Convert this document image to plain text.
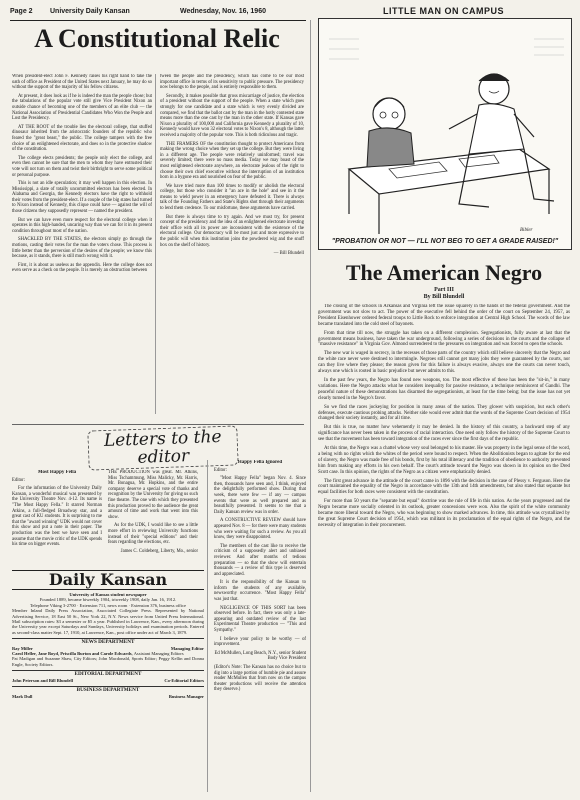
Page 2 University Daily Kansan	Wednesday, Nov. 16, 1960	LITTLE MAN ON CAMPUS
A Constitutional Relic

When president-elect John F. Kennedy raises his right hand to take the oath of office as President of the United States next January, he may do so without the support of the majority of his fellow citizens.

At present, it does look as if he is indeed the man the people chose; but the tabulations of the popular vote still give Vice President Nixon an outside chance of becoming one of the members of an elite club — the National Association of Presidential Candidates Who Won the People and Lost the Presidency.

AT THE ROOT of the trouble lies the electoral college, that stuffed dinosaur inherited from the aristocratic founders of the republic who feared the "great beast," the public. The college tampers with the free choice of an enlightened electorate, and does so in the protective shadow of the constitution.

The college elects presidents; the people only elect the college, and even then cannot be sure that the men to whom they have entrusted their vote will not turn on them and twist their birthright to serve some political or personal purpose.

This is not an idle speculation; it may well happen in this election. In Mississippi, a slate of totally uncommitted electors has been elected. In Alabama and Georgia, the Kennedy electors have the right to withhold their votes from the president-elect. If a couple of the big states had turned to Nixon instead of Kennedy, this clique could have — against the will of those citizens they supposedly represent — named the president.

But we can have even more respect for the electoral college when it operates in this high-handed, uncaring way than we can for it in its present condition throughout most of the nation.

SHACKLED BY THE STATES, the electors simply go through the motions, casting their votes for the man the voters chose. This process is little better than the perversion of the desires of the people; we know this because, as it stands, there is still much wrong with it.

First, it is about as useless as the appendix. Here the college does not even serve as a check on the people. It is merely an obstruction between

tween the people and the presidency, which has come to be our most important office in terms of its sensitivity to public pressure. The presidency now belongs to the people, and is entirely responsible to them.

Secondly, it makes possible that gross miscarriage of justice, the election of a president without the support of the people. When a state which goes strongly for one candidate and a state which is very evenly divided are compared, we find that the ballot cast by the man in the hotly contested state means more than the one cast by the man in the other state. If Kansas gave Nixon a plurality of 100,000 and California gave Kennedy a plurality of 10, Kennedy would have won 32 electoral votes to Nixon's 8, although the latter received a majority of the popular vote. This is both ridiculous and tragic.

THE FRAMERS OF the constitution thought to protect Americans from making the wrong choice when they set up the college. But they were living in a different age. The people were relatively uninformed; travel was severely limited; there were no mass media. Today we may boast of the most enlightened electorate anywhere, an electorate jealous of the right to choose their own chief executive without the interruption of an institution born in a bygone era and nourished on fear of the public.

We have tried more than 100 times to modify or abolish the electoral college, but those who consider it "an ace in the hole" and see in it the means to wield power in an emergency have defeated it. There is always talk of the Founding Fathers and State's Rights shot through their arguments to lend them credence. To our misfortune, these arguments have carried.

But there is always time to try again. And we must try, for present concept of the presidency and the idea of an enlightened electorate investing their office with all its power are inconsistent with the existence of the electoral college. Our democracy will be most just and more expressive to the public will when this institution joins the powdered wig and the snuff box on the shelf of history.

— Bill Blundell
Bibler
"PROBATION OR NOT — I'LL NOT BEG TO GET A GRADE RAISED!"
The American Negro
Part III
By Bill Blundell

The closing of the schools in Arkansas and Virginia left the issue squarely in the hands of the federal government. And the government was not slow to act. The power of the executive fell behind the order of the court on September 24, 1957, as President Eisenhower ordered federal troops to Little Rock to enforce integration at Central High School. The words of the law became translated into the cold steel of bayonets.

From that time till now, the struggle has taken on a different complexion. Segregationists, fully aware at last that the government means business, have taken the war underground, following a series of decisions in the courts and the collapse of "massive resistance" in Virginia Gov. Almond surrendered to the pressures on integration and was forced to open the schools.

The new war is waged in secrecy, in the recesses of those parts of the country which still believe sincerely that the Negro and the white race never were destined to intermingle. Negroes still cannot get many jobs they were guaranteed by the courts, nor can they live where they please; the reason given for this failure is always evasive, always one the courts can never touch, always one which is rooted in basic prejudice but never admits to this.

In the past few years, the Negro has found new weapons, too. The most effective of these has been the "sit-in," in many variations. Here the Negro attacks what he considers inequality for passive resistance, a technique reminiscent of Gandhi. The peaceful nature of these demonstrations has disarmed the segregationists, at least for the time being; but the issue has not yet clearly turned in the Negro's favor.

So we find the races jockeying for position in many areas of the nation. They glower with suspicion, but each other's defenses, execute cautious probing attacks. Neither side would ever admit that the words of the Supreme Court decision of 1954 changed their society instantly, and for all time.

But this is true, no matter how vehemently it may be denied. In the history of this country, a backward step of any significance has never been taken in the process of racial interaction. One need only follow the history of the Supreme Court to see that the movement has been toward integration of the races ever since the first days of the republic.

At this time, the Negro was a chattel whose very soul belonged to his master. He was property in the legal sense of the word, a being with no rights which the whites of the period were bound to respect. When the Abolitionists began to agitate for the end of slavery, the Negro was made free of his bonds, first by his total illiteracy and the tradition of obedience to authority prevented him from making any efforts in his own behalf. The court's attitude toward the Negro was shown in its opinion on the Dred Scott case. In this opinion, the rights of the Negro as a citizen were emphatically denied.

The first great advance in the attitude of the court came in 1896 with the decision in the case of Plessy v. Ferguson. Here the court maintained the equality of the Negro in accordance with the 13th and 14th amendments, but also stated that separate but equal facilities for both races were consistent with the constitution.

For more than 50 years the "separate but equal" doctrine was the rule of life in this nation. As the years progressed and the Negro became more socially oriented in its outlook, greater concessions were won. Also the spirit of the white community became more liberal toward the Negro, who was beginning to show marked advances. In time, this attitude was crystallized by the great Supreme Court decision of 1954, which was militant in its proclamation of the equal rights of the Negro, and the necessity of integration in their procurement.

Letters to the editor
Most Happy Fella

Editor:

For the information of the University Daily Kansan, a wonderful musical was presented by the University Theatre Nov. 4-12. Its name is "The Most Happy Fella." It starred Norman Atkins, a full-fledged Broadway star, and a great cast of KU students. It is surprising to me that the "award winning" UDK would not cover this show and put a note in their paper. The production was the best we have seen and I assume that the movie critic of the UDK spends his time on bigger events.

THE PRODUCTION was great. Mr. Atkins, Miss Tschammung, Miss Malicky, Mr. Harris, Mr. Bonagua, Mr. Hopkins, and the entire company deserve a special vote of thanks and recognition by the University for giving us such fine theatre. The one with which they presented this production proved to the audience the great amount of time and work that went into this show.

As for the UDK, I would like to see a little more effort in reviewing University functions instead of their "special editions" and their fears regarding the elections, etc.

James C. Coldeberg, Liberty, Mo., senior
Happy Fella Ignored

Editor:

"Most Happy Fella" began Nov. 4. Since then, thousands have seen and, I think, enjoyed the delightfully performed show. During that week, there were few — if any — campus events that were as well prepared and as beautifully presented. It seems to me that a Daily Kansan review was in order.

A CONSTRUCTIVE REVIEW should have appeared Nov. 8 — for there were many students who were waiting for such a review. As you all know, they were disappointed.

The members of the cast like to receive the criticism of a supposedly alert and unbiased reviewer. And after months of tedious preparation — so that the show will entertain thousands — a review of this type is deserved and appreciated.

It is the responsibility of the Kansan to inform the students of any available, newsworthy occurrence. "Most Happy Fella" was just that.

NEGLIGENCE OF THIS SORT has been observed before. In fact, there was only a late-appearing and outdated review of the last Experimental Theatre production — "This and Sympathy."

I believe your policy to be worthy — of improvement.

Ed McMullen, Long Beach, N.Y., senior Student Body Vice President

(Editor's Note: The Kansan has no choice but to dig into a large portion of humble pie and assure reader McMullen that from now on the campus theater productions will receive the attention they deserve.)

Daily Kansan
University of Kansas student newspaper
Founded 1889, became biweekly 1904, triweekly 1908, daily Jan. 16, 1912.
Telephone Viking 3-2700 · Extension 711, news room · Extension 376, business office

Member Inland Daily Press Association, Associated Collegiate Press. Represented by National Advertising Service, 18 East 50 St., New York 22, N.Y. News service from United Press International. Mail subscription rates: $3 a semester or $5 a year. Published in Lawrence, Kan., every afternoon during the University year except Saturdays and Sundays, University holidays and examination periods. Entered as second-class matter Sept. 17, 1910, at Lawrence, Kan., post office under act of March 3, 1879.

NEWS DEPARTMENT
Ray Miller	Managing Editor
Carol Heller, Jane Boyd, Priscilla Burton and Carole Edwards, Assistant Managing Editors

Pat Madigan and Suzanne Shaw, City Editors; John Macdonald, Sports Editor; Peggy Kellin and Donna Engle, Society Editors.

EDITORIAL DEPARTMENT
John Peterson and Bill Blundell	Co-Editorial Editors
BUSINESS DEPARTMENT
Mark Dull	Business Manager
